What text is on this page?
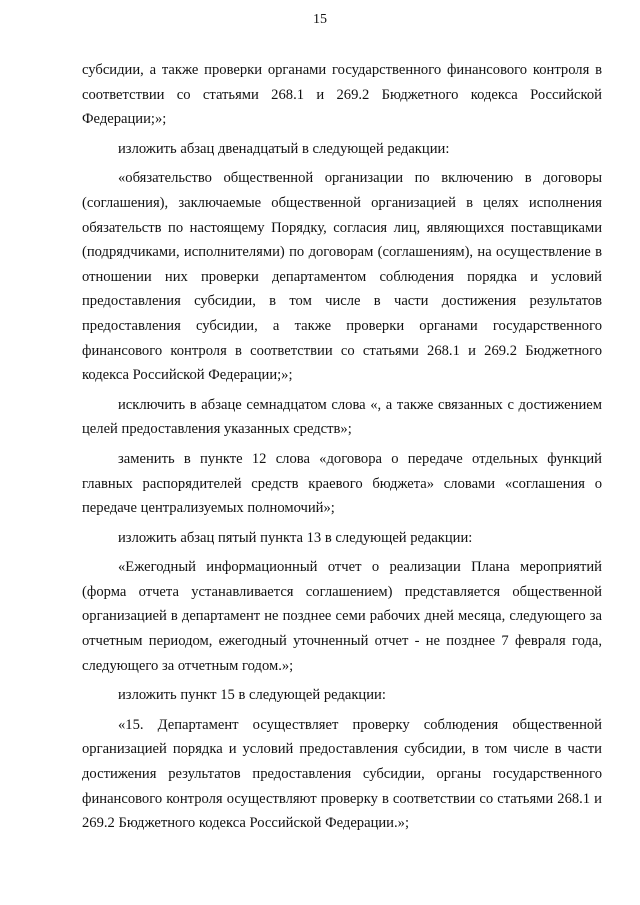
15

субсидии, а также проверки органами государственного финансового контроля в соответствии со статьями 268.1 и 269.2 Бюджетного кодекса Российской Федерации;»;

изложить абзац двенадцатый в следующей редакции:

«обязательство общественной организации по включению в договоры (соглашения), заключаемые общественной организацией в целях исполнения обязательств по настоящему Порядку, согласия лиц, являющихся поставщиками (подрядчиками, исполнителями) по договорам (соглашениям), на осуществление в отношении них проверки департаментом соблюдения порядка и условий предоставления субсидии, в том числе в части достижения результатов предоставления субсидии, а также проверки органами государственного финансового контроля в соответствии со статьями 268.1 и 269.2 Бюджетного кодекса Российской Федерации;»;

исключить в абзаце семнадцатом слова «, а также связанных с достижением целей предоставления указанных средств»;

заменить в пункте 12 слова «договора о передаче отдельных функций главных распорядителей средств краевого бюджета» словами «соглашения о передаче централизуемых полномочий»;

изложить абзац пятый пункта 13 в следующей редакции:

«Ежегодный информационный отчет о реализации Плана мероприятий (форма отчета устанавливается соглашением) представляется общественной организацией в департамент не позднее семи рабочих дней месяца, следующего за отчетным периодом, ежегодный уточненный отчет - не позднее 7 февраля года, следующего за отчетным годом.»;

изложить пункт 15 в следующей редакции:

«15. Департамент осуществляет проверку соблюдения общественной организацией порядка и условий предоставления субсидии, в том числе в части достижения результатов предоставления субсидии, органы государственного финансового контроля осуществляют проверку в соответствии со статьями 268.1 и 269.2 Бюджетного кодекса Российской Федерации.»;
